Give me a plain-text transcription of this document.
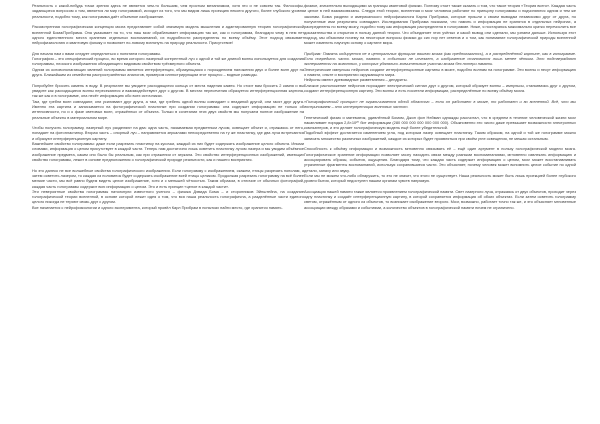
Реальность с какой-нибудь точки зрения здесь не является чем-то большим, чем простым механизмом, хотя это и не совсем так. Философы, задающиеся вопросом о том, является ли мир голограммой, исходят из того, что мы видим лишь проекцию некоего другого, более глубокого уровня реальности, подобно тому, как голограмма даёт объемное изображение.

Рассмотренная голографическая концепция мозга представляет собой значимую модель мышления и адаптированную теорию голографической вселенной Бома/Прибрама. Она указывает на то, что наш мозг обрабатывает информацию так же, как и голограмма, благодаря чему в нем нет одного единственного места хранения отдельных воспоминаний, их подробности распределены по всему объёму. Этот подход связывает нейрофизиологию и квантовую физику и позволяет по-новому взглянуть на природу реальности. Присутствие!

Для начала нам с вами следует определиться с понятием голограммы.

Голография – это специфический процесс, во время которого лазерный когерентный луч с одной и той же длиной волны используется для создания голограммы, плоского изображения обладающего видимым свойством трёхмерного объекта.

Одним из основополагающих явлений голограммы является интерференция, образующаяся с порождением наложения двух и более волн друг на друга. Ближайшим из семейства распространённых аналогов, примером иллюстрирующим этот процесс – водные разводы.

Попробуйте бросить камень в воду. В результате вы увидите расходящиеся кольца от места падения камня. Но стоит вам бросить 2 камня и вы увидите как расходящиеся волны пересекаются и взаимодействуют друг с другом. В местах пересечения образуется интерференционная картина, так же как и в голограмме, она несёт информацию обо всех источниках.

Там, где гребни волн совпадают, они усиливают друг друга, а там, где гребень одной волны совпадает с впадиной другой, они гасят друг друга. Именно эта картина и записывается на фотографической пластинке при создании голограммы: она содержит информацию не только об интенсивности, но и о фазе световых волн, отражённых от объекта. Только в сочетании этих двух свойств мы получаем полное изображение на реальные объекты в материальном мире.

Чтобы получить голограмму, лазерный луч разделяют на два: одна часть, называемая предметным лучом, освещает объект и, отражаясь от него, попадает на фотопластинку. Вторая часть – опорный луч – направляется зеркалами непосредственно на ту же пластинку, где два луча встречаются и образуют интерференционную картину.

Важнейшее свойство голограммы: даже если разрезать пластинку на кусочки, каждый из них будет содержать изображение целого объекта. Иными словами, информация о целом присутствует в каждой части. Теперь нам достаточно лишь осветить пластинку лучом лазера и мы увидим объёмное изображение предмета, каким оно было бы реальным, как при отражении от зеркала. Это свойство интерференционных изображений, имеющих свойство голограммы, лежит в основе предположения о голографической природе реальности, как и нашего восприятия.

Но это далеко не все волшебные свойства голографического изображения. Если голограмму с изображением, скажем, птицы разрезать пополам, а затем осветить лазером, то каждая из половинок будет содержать изображение всей птицы целиком. Продолжая разрезать голограмму на всё более мелкие части, мы всё равно будем видеть целое изображение, хотя и с меньшей чёткостью. Таким образом, в отличие от обычных фотографий, каждая часть голограммы содержит всю информацию о целом. Это и есть принцип «целое в каждой части».

Эти невероятные свойства голограммы натолкнули известного ученого – физика Дэвида Бома – и сторонников Эйнштейна, на создание голографической теории вселенной, в основе которой лежит идея о том, что вся наша реальность голографична, а разделённые части единого целого никогда не теряют связь друг с другом.

Все начинается с нейрофизиологии и одного эксперимента, который провёл Карл Прибрам в попытках найти место, где хранится память.

физике, значительно выходящими за границы квантовой физики. Поэтому стоит также сказать о том, что такое теория «Теория всего». Каждая часть и целое в ней взаимосвязаны. Следуя этой теории, вселенная и мозг человека работают по принципу голограммы и подчиняются одним и тем же законам. Бома раздели и американского нейрофизиолога Карла Прибрама, которые пришли к своим выводам независимо друг от друга, но полученные ими результаты совпадают. Исследования Прибрама показали, что память и информация не хранятся в отдельных нейронах, а распределены по всему мозгу, подобно тому как информация распределена в голограмме. Ниже, я постараюсь максимально кратко перечислить все доказательства и открытия в пользу данной теории. Что объединяет этих учёных и какой вывод они сделали, мы узнаем дальше. Используя этот подход, мы объясним почему на некоторые вопросы физики до сих пор нет ответов и о том, как понимание голографической природы вселенной может изменить научную основу о картине мира.

Прибрам: Память кодируется не в центральных функциях вашего мозга (как предполагалось), а в распределённой картине, как в голограмме. Если повредить часть мозга, память о событиях не исчезает, а изображение становится лишь менее чётким. Это подтверждают эксперименты на животных, у которых удалялись значительные участки мозга без потери памяти.

Электрические импульсы нейронов создают интерференционные картины в мозге, подобно волнам на голограмме. Эти волны и несут информацию о памяти, опыте и восприятии окружающего мира.

Нейроны имеют древовидные разветвления – дендриты.

Близкое расположение нейронов порождает электрический сигнал друг с другом, который образует волны – импульсы, сталкиваясь друг с другом, создают интерференционную картину. Эти волны и есть носители информации, распределённые по всему объёму мозга.

«Голографический принцип» не ограничивается одной областью – если он работает в мозге, то работает и во вселенной. Всё, что мы воспринимаем – это интерпретация волновых частот.

Генетический физик и математик, удивлённый Бомом, Джон фон Нейман однажды рассчитал, что в среднем в течение человеческой жизни мозг накапливает порядка 2,8×10²⁰ бит информации (280 000 000 000 000 000 000). Обыкновенно это число даже превышает возможности электронных компьютеров, и это делает голографическую модель ещё более убедительной.

Подобный эффект достигается изменением угла, под которым лазер освещает пластинку. Таким образом, на одной и той же голограмме можно записать множество различных изображений, каждое из которых будет проявляться при своём угле освещения, не мешая остальным.

Способность к объёму информации и возможность мгновенно связывать её – ещё один аргумент в пользу голографической модели мозга. Голографическое хранение информации позволяет мозгу находить связи между разными воспоминаниями, мгновенно извлекать информацию и ассоциировать образы, события, ощущения. Благодаря тому, что каждая часть содержит информацию о целом, мозг может восстанавливать утраченные фрагменты воспоминаний, используя сохранившиеся части. Это объясняет, почему человек может вспомнить целое событие по одной детали, запаху или звуку.

Если мы не можем что-либо обнаружить, то это не значит, что этого не существует. Наша реальность может быть лишь проекцией более глубокого уровня бытия, который недоступен нашим органам чувств напрямую.

Ассоциация нашей памяти также является проявлением голографической памяти. Свет лазерного луча, отражаясь от двух объектов, проходит через одну пластинку и создаёт интерференционную картину, в которой сохраняется информация об обоих объектах. Если затем осветить голограмму светом, отражённым от одного из объектов, то возникает изображение второго. Мозг, возможно, работает точно так же, и это объясняет мгновенные ассоциации между образами и событиями, а количество объектов в голографической памяти ничем не ограничено.
